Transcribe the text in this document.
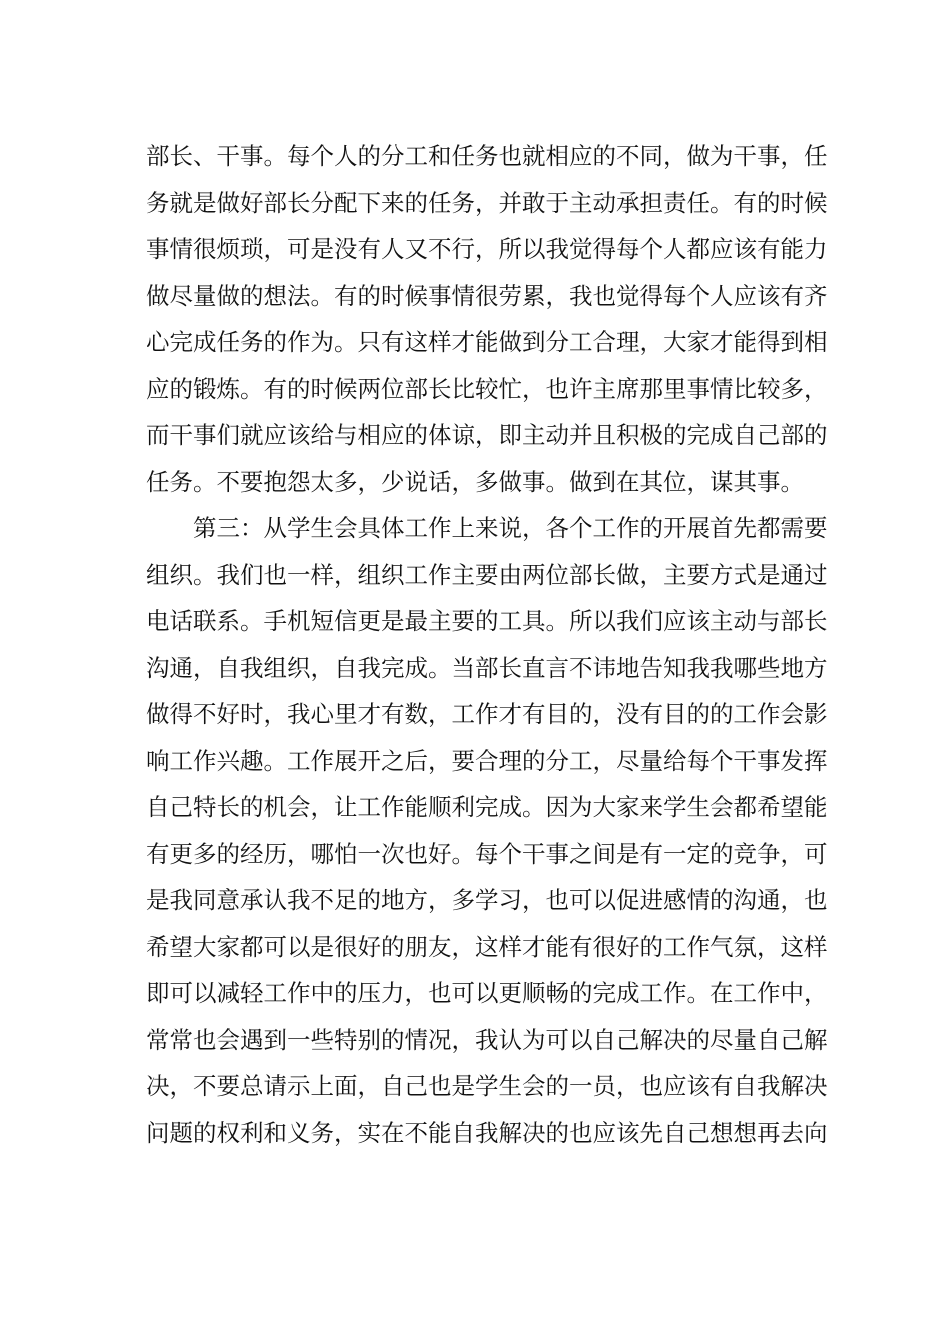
部长、干事。每个人的分工和任务也就相应的不同，做为干事，任
务就是做好部长分配下来的任务，并敢于主动承担责任。有的时候
事情很烦琐，可是没有人又不行，所以我觉得每个人都应该有能力
做尽量做的想法。有的时候事情很劳累，我也觉得每个人应该有齐
心完成任务的作为。只有这样才能做到分工合理，大家才能得到相
应的锻炼。有的时候两位部长比较忙，也许主席那里事情比较多，
而干事们就应该给与相应的体谅，即主动并且积极的完成自己部的
任务。不要抱怨太多，少说话，多做事。做到在其位，谋其事。
第三：从学生会具体工作上来说，各个工作的开展首先都需要
组织。我们也一样，组织工作主要由两位部长做，主要方式是通过
电话联系。手机短信更是最主要的工具。所以我们应该主动与部长
沟通，自我组织，自我完成。当部长直言不讳地告知我我哪些地方
做得不好时，我心里才有数，工作才有目的，没有目的的工作会影
响工作兴趣。工作展开之后，要合理的分工，尽量给每个干事发挥
自己特长的机会，让工作能顺利完成。因为大家来学生会都希望能
有更多的经历，哪怕一次也好。每个干事之间是有一定的竞争，可
是我同意承认我不足的地方，多学习，也可以促进感情的沟通，也
希望大家都可以是很好的朋友，这样才能有很好的工作气氛，这样
即可以减轻工作中的压力，也可以更顺畅的完成工作。在工作中，
常常也会遇到一些特别的情况，我认为可以自己解决的尽量自己解
决，不要总请示上面，自己也是学生会的一员，也应该有自我解决
问题的权利和义务，实在不能自我解决的也应该先自己想想再去向
